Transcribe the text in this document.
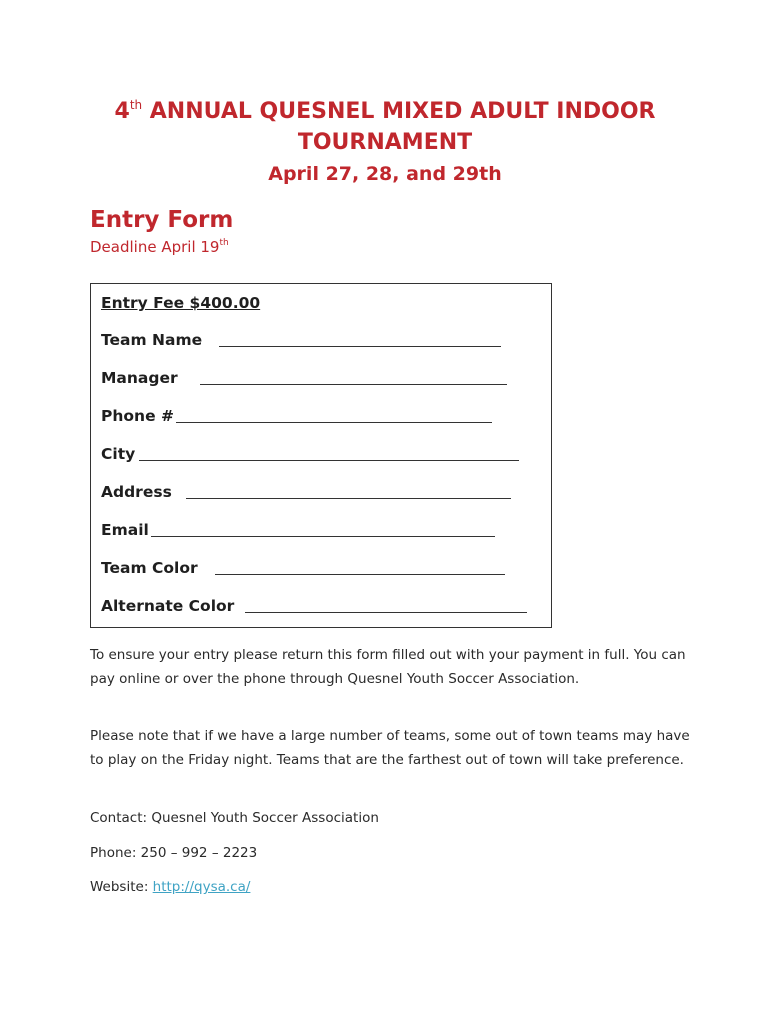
4th ANNUAL QUESNEL MIXED ADULT INDOOR
TOURNAMENT
April 27, 28, and 29th
Entry Form
Deadline April 19th
Entry Fee $400.00
Team Name
Manager
Phone #
City
Address
Email
Team Color
Alternate Color
To ensure your entry please return this form filled out with your payment in full. You can pay online or over the phone through Quesnel Youth Soccer Association.
Please note that if we have a large number of teams, some out of town teams may have to play on the Friday night. Teams that are the farthest out of town will take preference.
Contact: Quesnel Youth Soccer Association
Phone: 250 – 992 – 2223
Website: http://qysa.ca/
